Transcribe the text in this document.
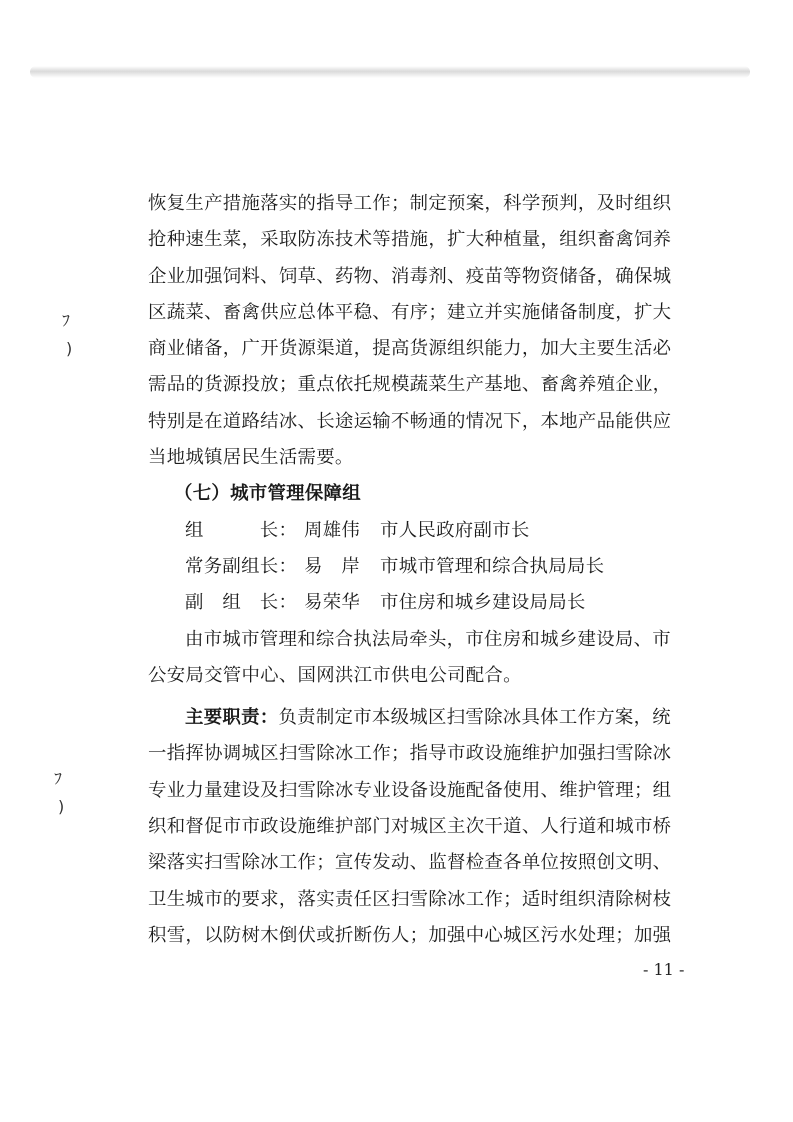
ﾌ
)
ﾌ
)
恢复生产措施落实的指导工作；制定预案，科学预判，及时组织
抢种速生菜，采取防冻技术等措施，扩大种植量，组织畜禽饲养
企业加强饲料、饲草、药物、消毒剂、疫苗等物资储备，确保城
区蔬菜、畜禽供应总体平稳、有序；建立并实施储备制度，扩大
商业储备，广开货源渠道，提高货源组织能力，加大主要生活必
需品的货源投放；重点依托规模蔬菜生产基地、畜禽养殖企业，
特别是在道路结冰、长途运输不畅通的情况下，本地产品能供应
当地城镇居民生活需要。
（七）城市管理保障组
组　　　长： 周雄伟 市人民政府副市长
常务副组长： 易　岸 市城市管理和综合执局局长
副　组　长： 易荣华 市住房和城乡建设局局长
由市城市管理和综合执法局牵头，市住房和城乡建设局、市
公安局交管中心、国网洪江市供电公司配合。
主要职责：负责制定市本级城区扫雪除冰具体工作方案，统
一指挥协调城区扫雪除冰工作；指导市政设施维护加强扫雪除冰
专业力量建设及扫雪除冰专业设备设施配备使用、维护管理；组
织和督促市市政设施维护部门对城区主次干道、人行道和城市桥
梁落实扫雪除冰工作；宣传发动、监督检查各单位按照创文明、
卫生城市的要求，落实责任区扫雪除冰工作；适时组织清除树枝
积雪，以防树木倒伏或折断伤人；加强中心城区污水处理；加强
- 11 -
